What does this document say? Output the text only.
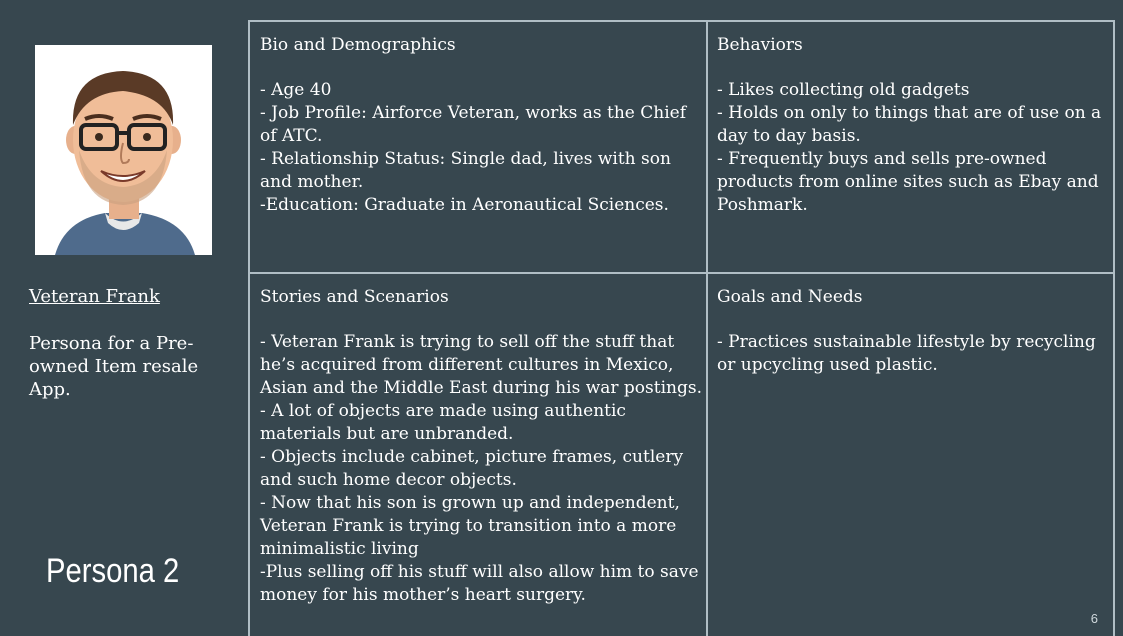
Veteran Frank
Persona for a Pre-owned Item resale App.
Persona 2
Bio and Demographics

- Age 40

- Job Profile: Airforce Veteran, works as the Chief of ATC.

- Relationship Status: Single dad, lives with son and mother.

-Education: Graduate in Aeronautical Sciences.

Behaviors

- Likes collecting old gadgets

- Holds on only to things that are of use on a day to day basis.

- Frequently buys and sells pre-owned products from online sites such as Ebay and Poshmark.

Stories and Scenarios

- Veteran Frank is trying to sell off the stuff that he’s acquired from different cultures in Mexico, Asian and the Middle East during his war postings.

- A lot of objects are made using authentic materials but are unbranded.

- Objects include cabinet, picture frames, cutlery and such home decor objects.

- Now that his son is grown up and independent, Veteran Frank is trying to transition into a more minimalistic living

-Plus selling off his stuff will also allow him to save money for his mother’s heart surgery.

Goals and Needs

- Practices sustainable lifestyle by recycling or upcycling used plastic.

6
